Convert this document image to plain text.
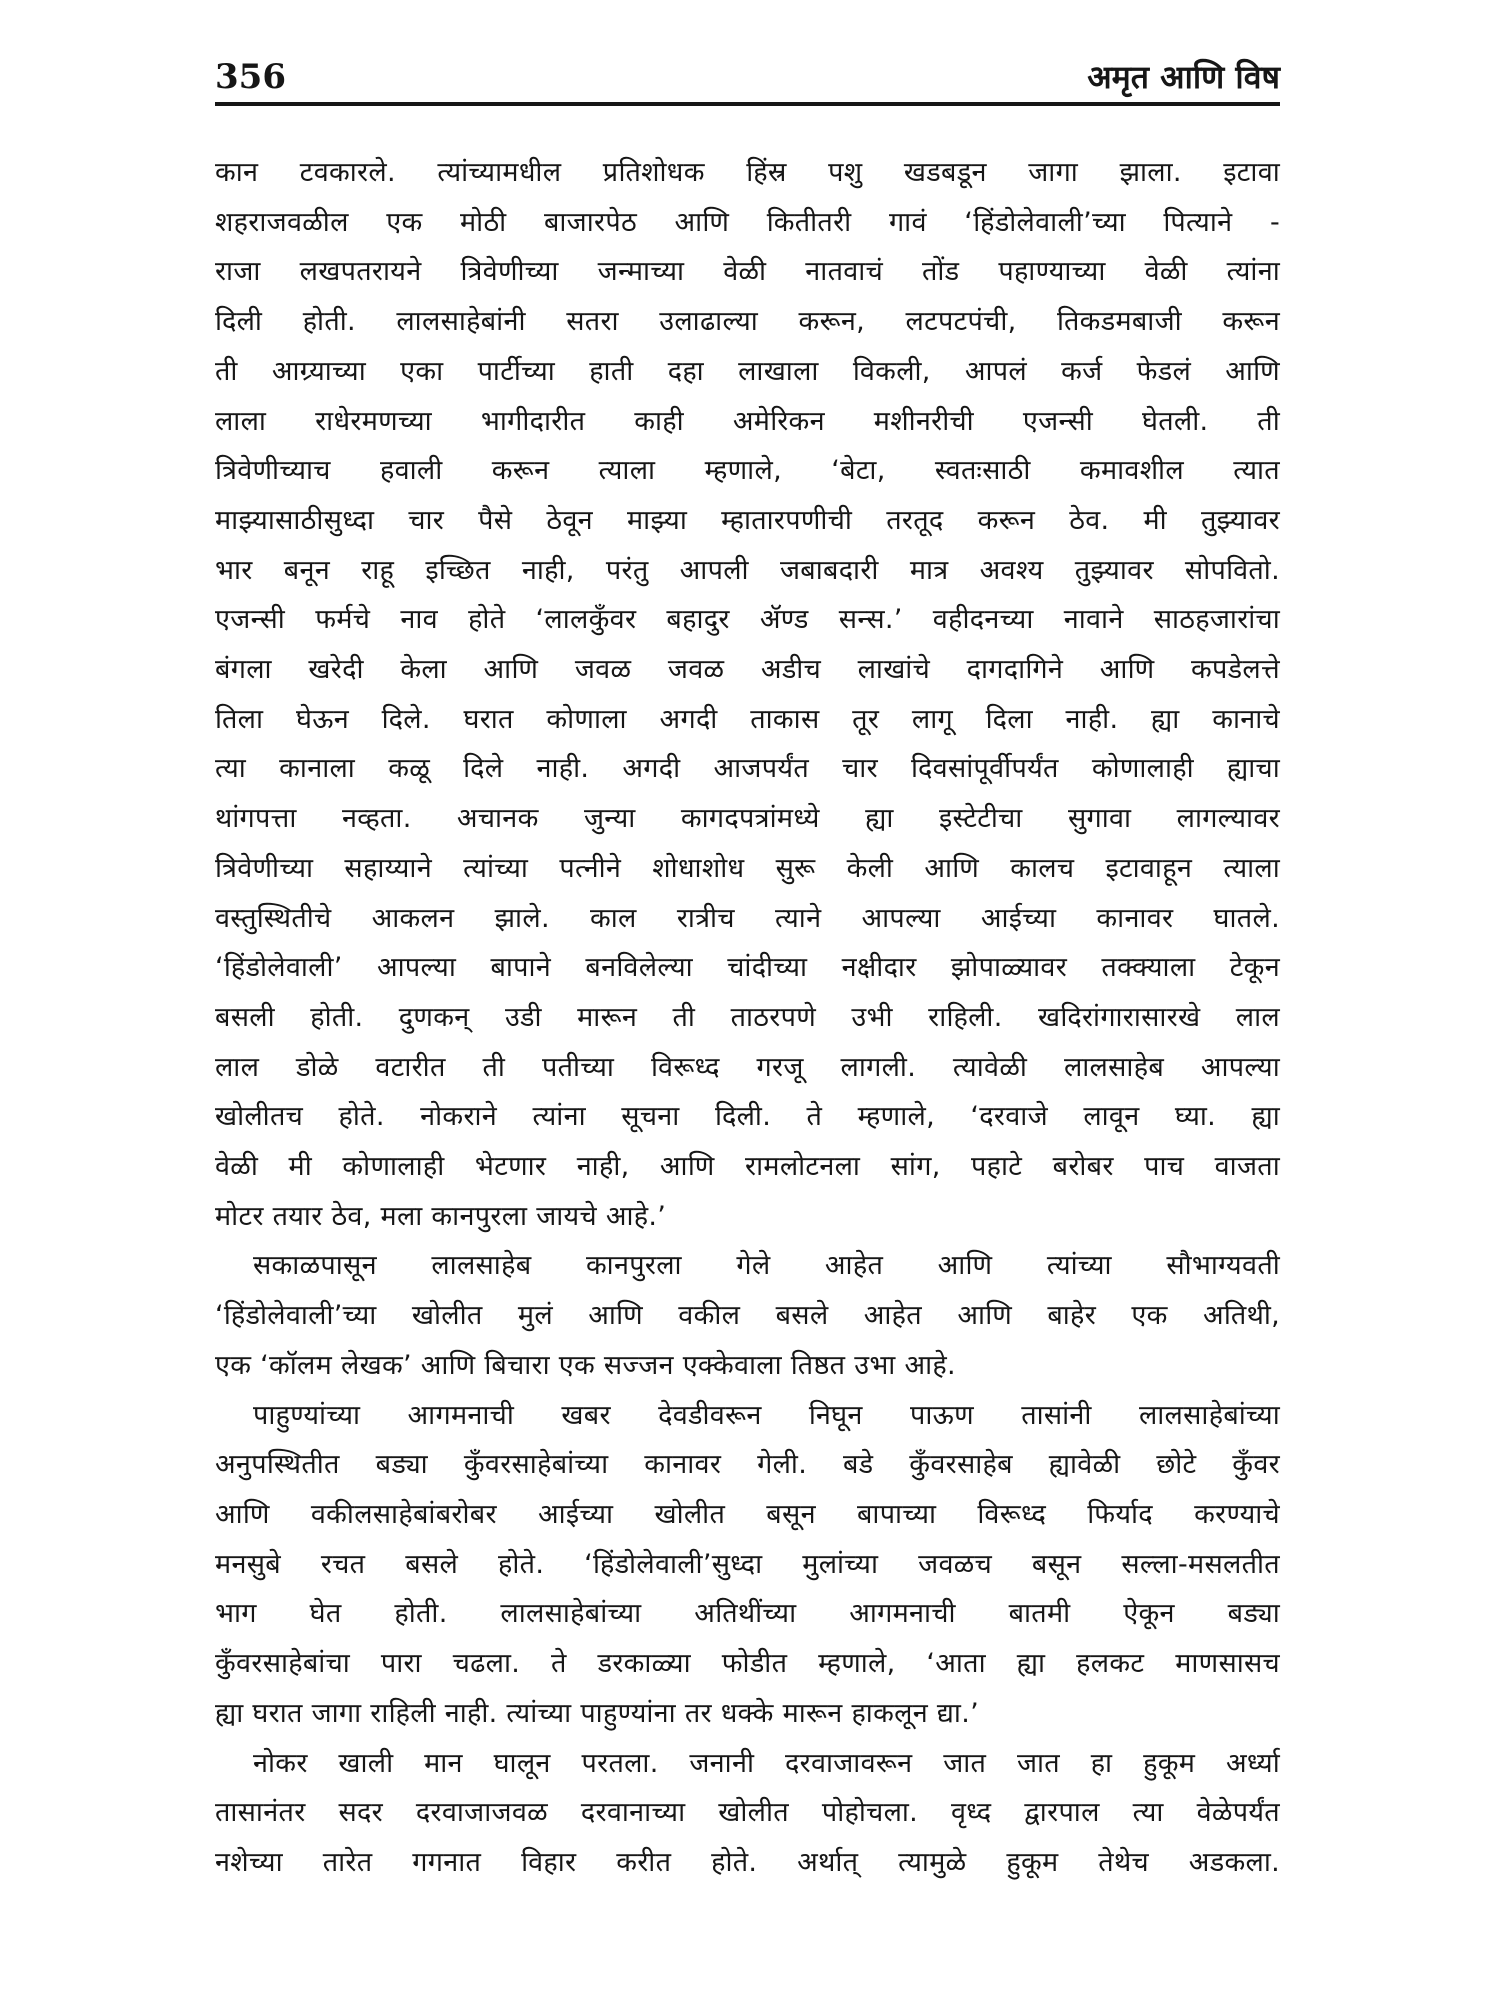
356	अमृत आणि विष
कान टवकारले. त्यांच्यामधील प्रतिशोधक हिंस्र पशु खडबडून जागा झाला. इटावा
शहराजवळील एक मोठी बाजारपेठ आणि कितीतरी गावं ‘हिंडोलेवाली’च्या पित्याने -
राजा लखपतरायने त्रिवेणीच्या जन्माच्या वेळी नातवाचं तोंड पहाण्याच्या वेळी त्यांना
दिली होती. लालसाहेबांनी सतरा उलाढाल्या करून, लटपटपंची, तिकडमबाजी करून
ती आग्र्याच्या एका पार्टीच्या हाती दहा लाखाला विकली, आपलं कर्ज फेडलं आणि
लाला राधेरमणच्या भागीदारीत काही अमेरिकन मशीनरीची एजन्सी घेतली. ती
त्रिवेणीच्याच हवाली करून त्याला म्हणाले, ‘बेटा, स्वतःसाठी कमावशील त्यात
माझ्यासाठीसुध्दा चार पैसे ठेवून माझ्या म्हातारपणीची तरतूद करून ठेव. मी तुझ्यावर
भार बनून राहू इच्छित नाही, परंतु आपली जबाबदारी मात्र अवश्य तुझ्यावर सोपवितो.
एजन्सी फर्मचे नाव होते ‘लालकुँवर बहादुर ॲण्ड सन्स.’ वहीदनच्या नावाने साठहजारांचा
बंगला खरेदी केला आणि जवळ जवळ अडीच लाखांचे दागदागिने आणि कपडेलत्ते
तिला घेऊन दिले. घरात कोणाला अगदी ताकास तूर लागू दिला नाही. ह्या कानाचे
त्या कानाला कळू दिले नाही. अगदी आजपर्यंत चार दिवसांपूर्वीपर्यंत कोणालाही ह्याचा
थांगपत्ता नव्हता. अचानक जुन्या कागदपत्रांमध्ये ह्या इस्टेटीचा सुगावा लागल्यावर
त्रिवेणीच्या सहाय्याने त्यांच्या पत्नीने शोधाशोध सुरू केली आणि कालच इटावाहून त्याला
वस्तुस्थितीचे आकलन झाले. काल रात्रीच त्याने आपल्या आईच्या कानावर घातले.
‘हिंडोलेवाली’ आपल्या बापाने बनविलेल्या चांदीच्या नक्षीदार झोपाळ्यावर तक्क्याला टेकून
बसली होती. दुणकन् उडी मारून ती ताठरपणे उभी राहिली. खदिरांगारासारखे लाल
लाल डोळे वटारीत ती पतीच्या विरूध्द गरजू लागली. त्यावेळी लालसाहेब आपल्या
खोलीतच होते. नोकराने त्यांना सूचना दिली. ते म्हणाले, ‘दरवाजे लावून घ्या. ह्या
वेळी मी कोणालाही भेटणार नाही, आणि रामलोटनला सांग, पहाटे बरोबर पाच वाजता
मोटर तयार ठेव, मला कानपुरला जायचे आहे.’
सकाळपासून लालसाहेब कानपुरला गेले आहेत आणि त्यांच्या सौभाग्यवती
‘हिंडोलेवाली’च्या खोलीत मुलं आणि वकील बसले आहेत आणि बाहेर एक अतिथी,
एक ‘कॉलम लेखक’ आणि बिचारा एक सज्जन एक्केवाला तिष्ठत उभा आहे.
पाहुण्यांच्या आगमनाची खबर देवडीवरून निघून पाऊण तासांनी लालसाहेबांच्या
अनुपस्थितीत बड्या कुँवरसाहेबांच्या कानावर गेली. बडे कुँवरसाहेब ह्यावेळी छोटे कुँवर
आणि वकीलसाहेबांबरोबर आईच्या खोलीत बसून बापाच्या विरूध्द फिर्याद करण्याचे
मनसुबे रचत बसले होते. ‘हिंडोलेवाली’सुध्दा मुलांच्या जवळच बसून सल्ला-मसलतीत
भाग घेत होती. लालसाहेबांच्या अतिथींच्या आगमनाची बातमी ऐकून बड्या
कुँवरसाहेबांचा पारा चढला. ते डरकाळ्या फोडीत म्हणाले, ‘आता ह्या हलकट माणसासच
ह्या घरात जागा राहिली नाही. त्यांच्या पाहुण्यांना तर धक्के मारून हाकलून द्या.’
नोकर खाली मान घालून परतला. जनानी दरवाजावरून जात जात हा हुकूम अर्ध्या
तासानंतर सदर दरवाजाजवळ दरवानाच्या खोलीत पोहोचला. वृध्द द्वारपाल त्या वेळेपर्यंत
नशेच्या तारेत गगनात विहार करीत होते. अर्थात् त्यामुळे हुकूम तेथेच अडकला.
